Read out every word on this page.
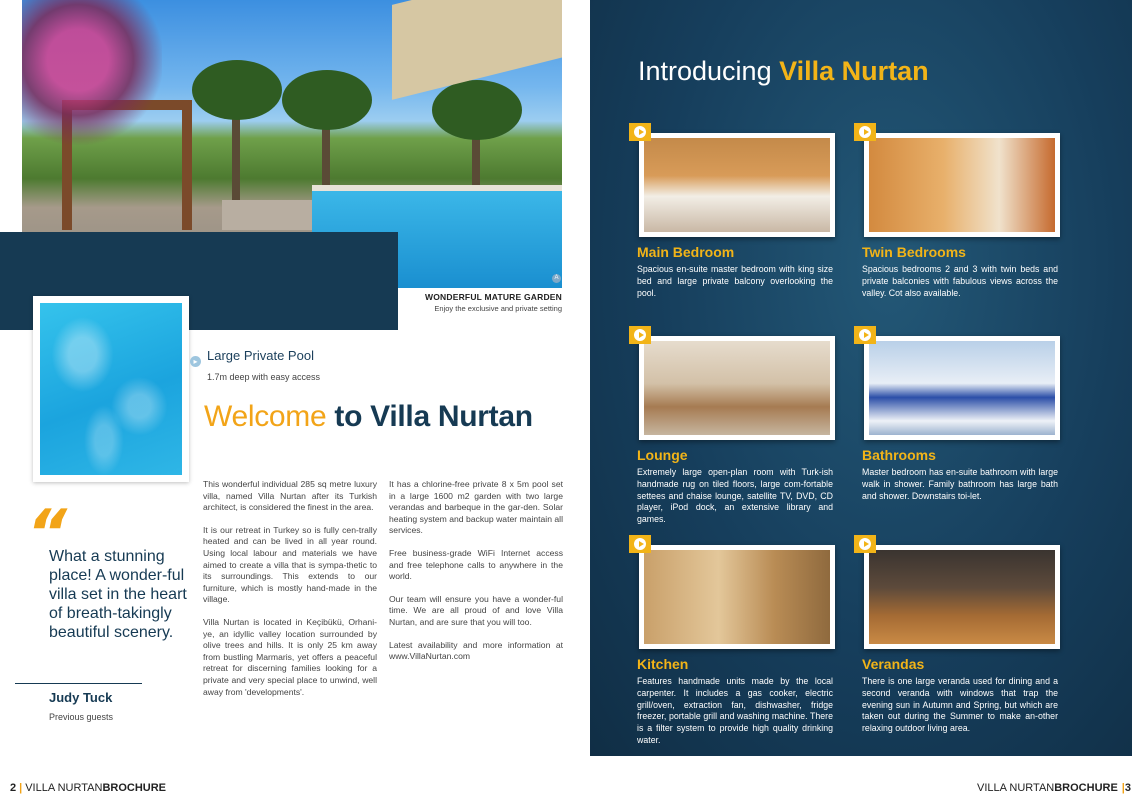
A
WONDERFUL MATURE GARDEN
Enjoy the exclusive and private setting
▸ Large Private Pool
1.7m deep with easy access
Welcome to Villa Nurtan
“
What a stunning place! A wonder-ful villa set in the heart of breath-takingly beautiful scenery.
Judy Tuck
Previous guests

This wonderful individual 285 sq metre luxury villa, named Villa Nurtan after its Turkish architect, is considered the finest in the area.

It is our retreat in Turkey so is fully cen-trally heated and can be lived in all year round. Using local labour and materials we have aimed to create a villa that is sympa-thetic to its surroundings. This extends to our furniture, which is mostly hand-made in the village.

Villa Nurtan is located in Keçibükü, Orhani-ye, an idyllic valley location surrounded by olive trees and hills. It is only 25 km away from bustling Marmaris, yet offers a peaceful retreat for discerning families looking for a private and very special place to unwind, well away from 'developments'.

It has a chlorine-free private 8 x 5m pool set in a large 1600 m2 garden with two large verandas and barbeque in the gar-den. Solar heating system and backup water maintain all services.

Free business-grade WiFi Internet access and free telephone calls to anywhere in the world.

Our team will ensure you have a wonder-ful time. We are all proud of and love Villa Nurtan, and are sure that you will too.

Latest availability and more information at www.VillaNurtan.com

2 | VILLA NURTANBROCHURE
Introducing Villa Nurtan
Main Bedroom
Spacious en-suite master bedroom with king size bed and large private balcony overlooking the pool.
Twin Bedrooms
Spacious bedrooms 2 and 3 with twin beds and private balconies with fabulous views across the valley. Cot also available.
Lounge
Extremely large open-plan room with Turk-ish handmade rug on tiled floors, large com-fortable settees and chaise lounge, satellite TV, DVD, CD player, iPod dock, an extensive library and games.
Bathrooms
Master bedroom has en-suite bathroom with large walk in shower. Family bathroom has large bath and shower. Downstairs toi-let.
Kitchen
Features handmade units made by the local carpenter. It includes a gas cooker, electric grill/oven, extraction fan, dishwasher, fridge freezer, portable grill and washing machine. There is a filter system to provide high quality drinking water.
Verandas
There is one large veranda used for dining and a second veranda with windows that trap the evening sun in Autumn and Spring, but which are taken out during the Summer to make an-other relaxing outdoor living area.
VILLA NURTANBROCHURE |3
